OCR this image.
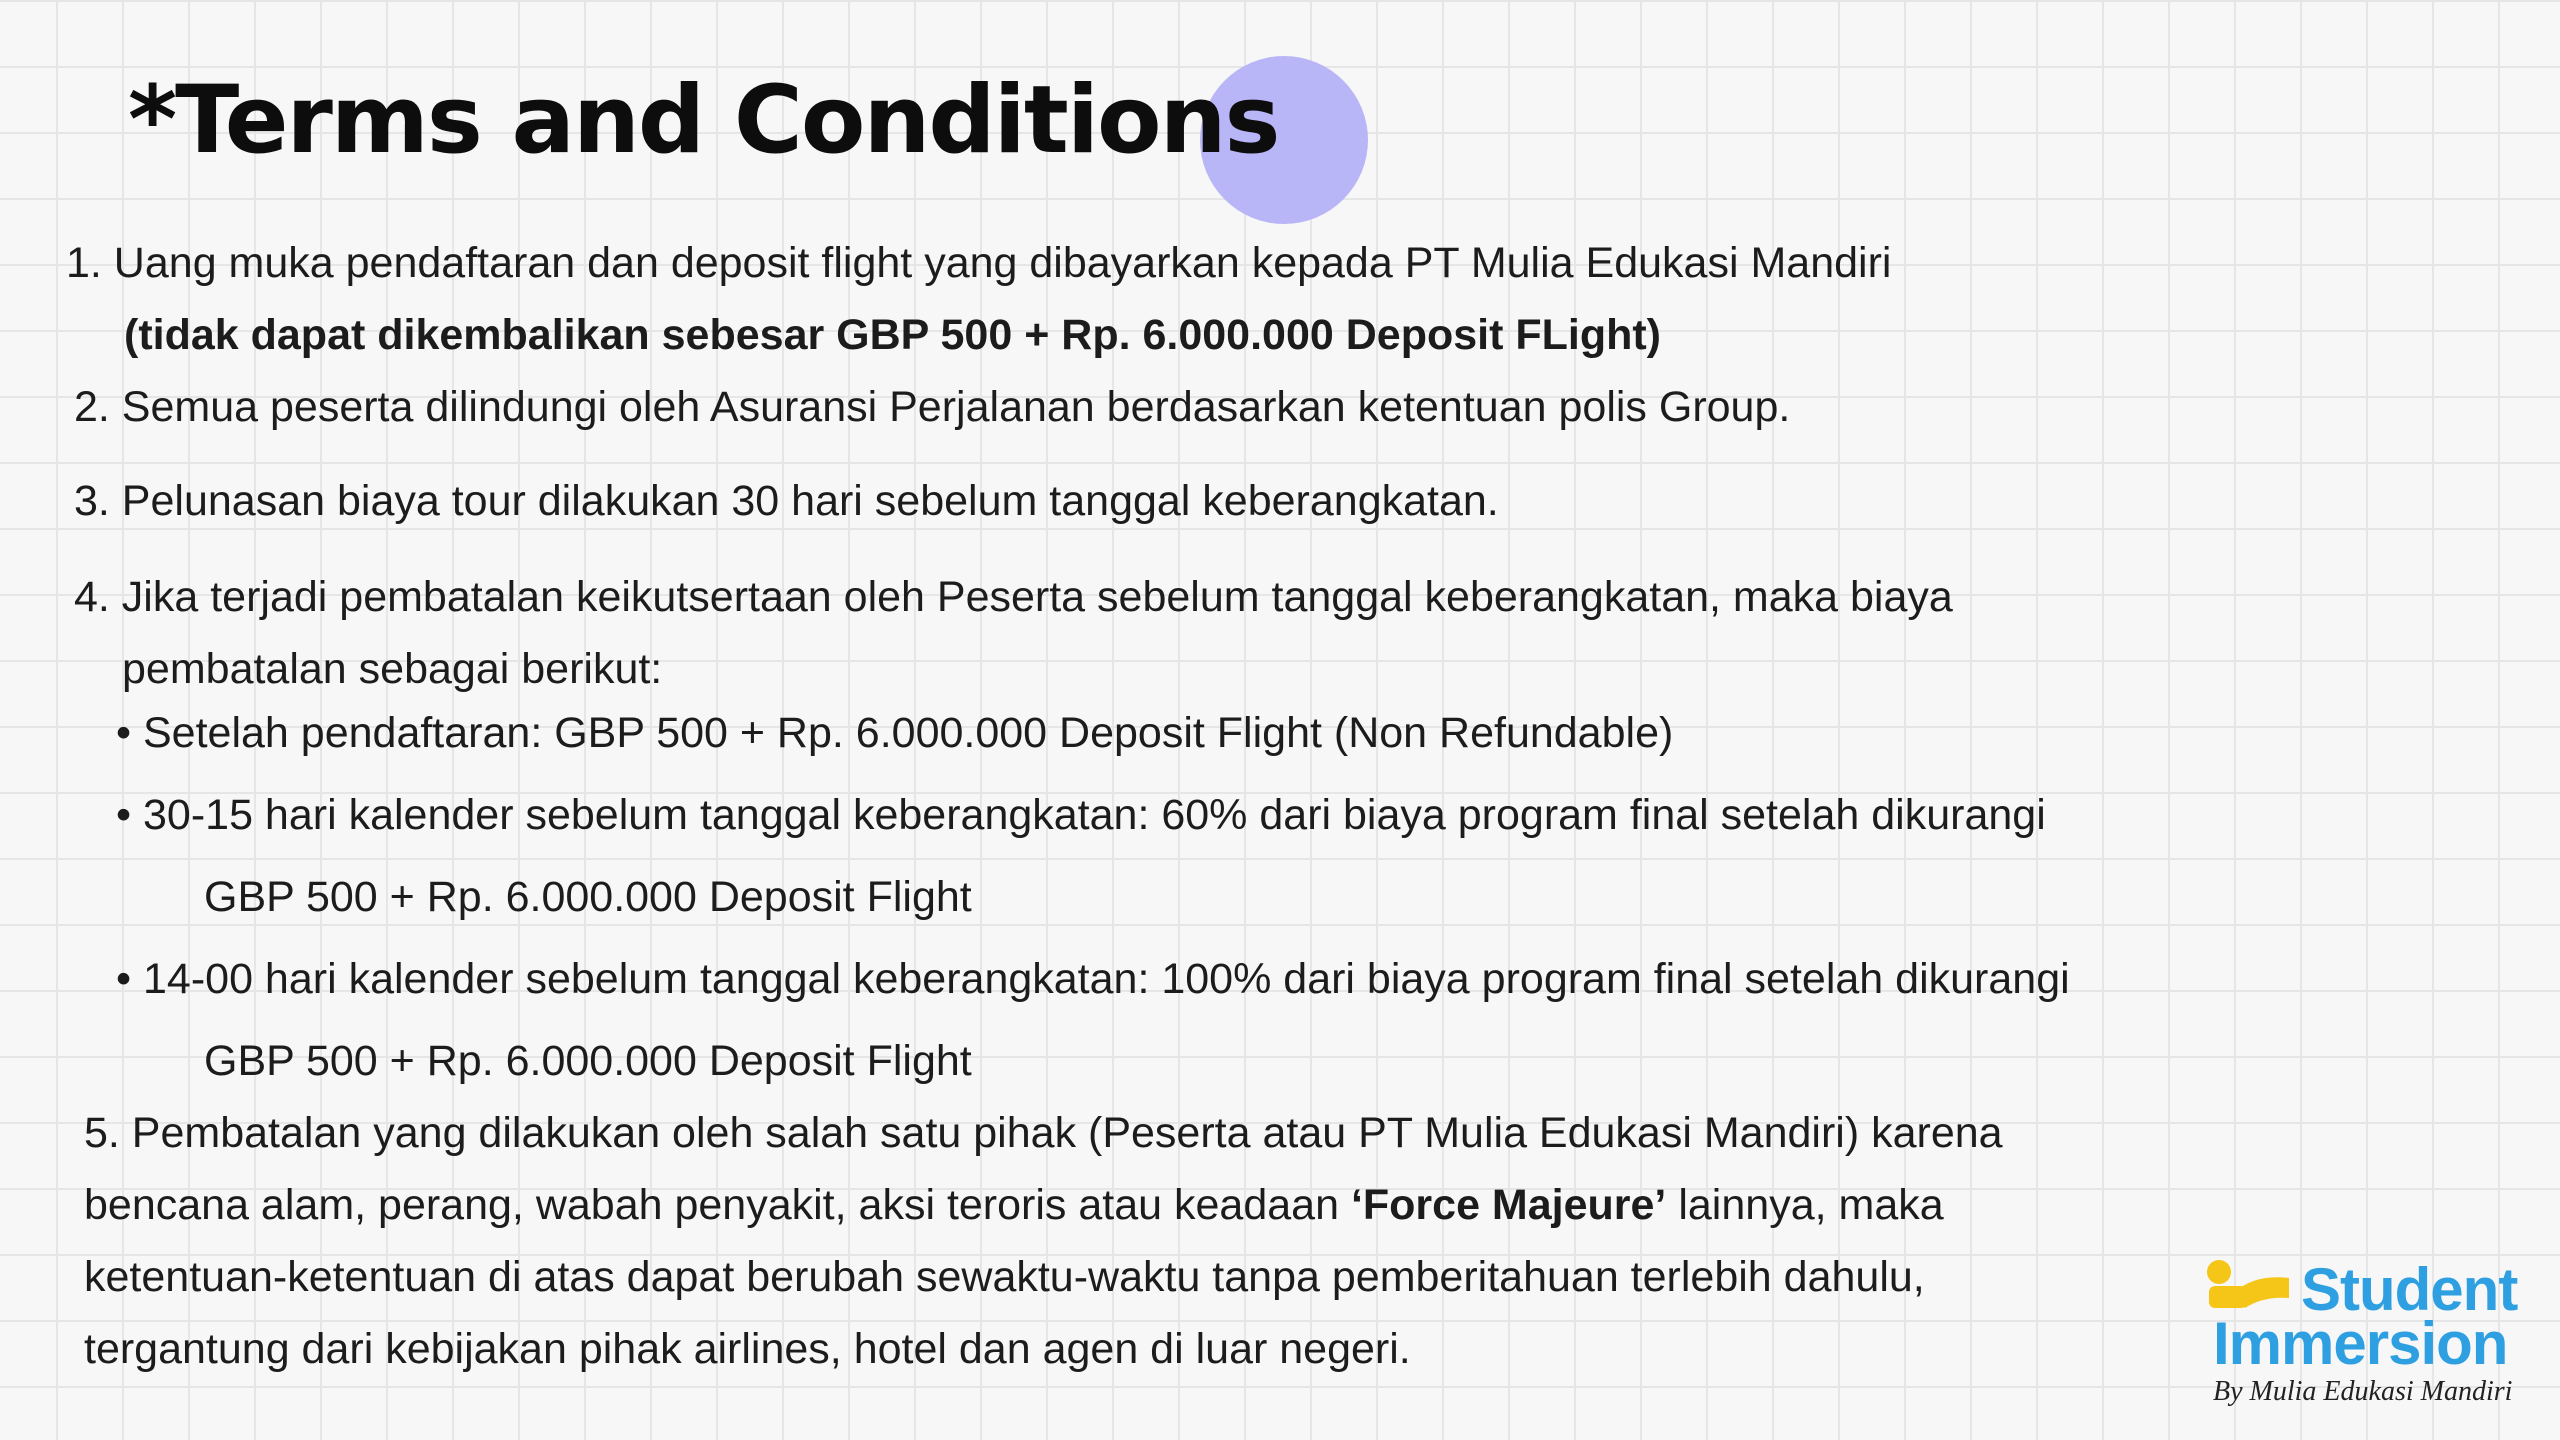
*Terms and Conditions

1. Uang muka pendaftaran dan deposit flight yang dibayarkan kepada PT Mulia Edukasi Mandiri

(tidak dapat dikembalikan sebesar GBP 500 + Rp. 6.000.000 Deposit FLight)

2. Semua peserta dilindungi oleh Asuransi Perjalanan berdasarkan ketentuan polis Group.

3. Pelunasan biaya tour dilakukan 30 hari sebelum tanggal keberangkatan.

4. Jika terjadi pembatalan keikutsertaan oleh Peserta sebelum tanggal keberangkatan, maka biaya

pembatalan sebagai berikut:

• Setelah pendaftaran: GBP 500 + Rp. 6.000.000 Deposit Flight (Non Refundable)

• 30-15 hari kalender sebelum tanggal keberangkatan: 60% dari biaya program final setelah dikurangi

GBP 500 + Rp. 6.000.000 Deposit Flight

• 14-00 hari kalender sebelum tanggal keberangkatan: 100% dari biaya program final setelah dikurangi

GBP 500 + Rp. 6.000.000 Deposit Flight

5. Pembatalan yang dilakukan oleh salah satu pihak (Peserta atau PT Mulia Edukasi Mandiri) karena

bencana alam, perang, wabah penyakit, aksi teroris atau keadaan ‘Force Majeure’ lainnya, maka

ketentuan-ketentuan di atas dapat berubah sewaktu-waktu tanpa pemberitahuan terlebih dahulu,

tergantung dari kebijakan pihak airlines, hotel dan agen di luar negeri.

Student

Immersion

By Mulia Edukasi Mandiri
